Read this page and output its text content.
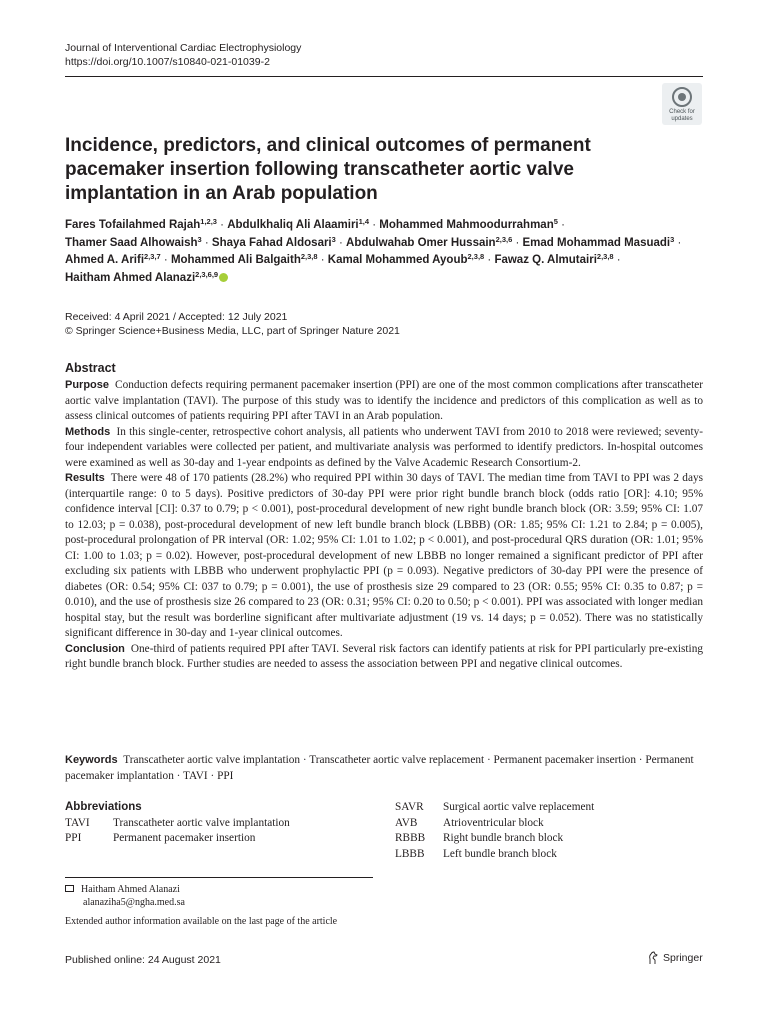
Journal of Interventional Cardiac Electrophysiology
https://doi.org/10.1007/s10840-021-01039-2
Check for
updates
Incidence, predictors, and clinical outcomes of permanent pacemaker insertion following transcatheter aortic valve implantation in an Arab population
Fares Tofailahmed Rajah$^{1,2,3}$ · Abdulkhaliq Ali Alaamiri$^{1,4}$ · Mohammed Mahmoodurrahman$^5$ ·
Thamer Saad Alhowaish$^3$ · Shaya Fahad Aldosari$^3$ · Abdulwahab Omer Hussain$^{2,3,6}$ · Emad Mohammad Masuadi$^3$ ·
Ahmed A. Arifi$^{2,3,7}$ · Mohammed Ali Balgaith$^{2,3,8}$ · Kamal Mohammed Ayoub$^{2,3,8}$ · Fawaz Q. Almutairi$^{2,3,8}$ ·
Haitham Ahmed Alanazi$^{2,3,6,9}$
Received: 4 April 2021 / Accepted: 12 July 2021
© Springer Science+Business Media, LLC, part of Springer Nature 2021
Abstract

Purpose Conduction defects requiring permanent pacemaker insertion (PPI) are one of the most common complications after transcatheter aortic valve implantation (TAVI). The purpose of this study was to identify the incidence and predictors of this complication as well as to assess clinical outcomes of patients requiring PPI after TAVI in an Arab population.

Methods In this single-center, retrospective cohort analysis, all patients who underwent TAVI from 2010 to 2018 were reviewed; seventy-four independent variables were collected per patient, and multivariate analysis was performed to identify predictors. In-hospital outcomes were examined as well as 30-day and 1-year endpoints as defined by the Valve Academic Research Consortium-2.

Results There were 48 of 170 patients (28.2%) who required PPI within 30 days of TAVI. The median time from TAVI to PPI was 2 days (interquartile range: 0 to 5 days). Positive predictors of 30-day PPI were prior right bundle branch block (odds ratio [OR]: 4.10; 95% confidence interval [CI]: 0.37 to 0.79; p < 0.001), post-procedural development of new right bundle branch block (OR: 3.59; 95% CI: 1.07 to 12.03; p = 0.038), post-procedural development of new left bundle branch block (LBBB) (OR: 1.85; 95% CI: 1.21 to 2.84; p = 0.005), post-procedural prolongation of PR interval (OR: 1.02; 95% CI: 1.01 to 1.02; p < 0.001), and post-procedural QRS duration (OR: 1.01; 95% CI: 1.00 to 1.03; p = 0.02). However, post-procedural development of new LBBB no longer remained a significant predictor of PPI after excluding six patients with LBBB who underwent prophylactic PPI (p = 0.093). Negative predictors of 30-day PPI were the presence of diabetes (OR: 0.54; 95% CI: 037 to 0.79; p = 0.001), the use of prosthesis size 29 compared to 23 (OR: 0.55; 95% CI: 0.35 to 0.87; p = 0.010), and the use of prosthesis size 26 compared to 23 (OR: 0.31; 95% CI: 0.20 to 0.50; p < 0.001). PPI was associated with longer median hospital stay, but the result was borderline significant after multivariate adjustment (19 vs. 14 days; p = 0.052). There was no statistically significant difference in 30-day and 1-year clinical outcomes.

Conclusion One-third of patients required PPI after TAVI. Several risk factors can identify patients at risk for PPI particularly pre-existing right bundle branch block. Further studies are needed to assess the association between PPI and negative clinical outcomes.

Keywords Transcatheter aortic valve implantation · Transcatheter aortic valve replacement · Permanent pacemaker insertion · Permanent pacemaker implantation · TAVI · PPI
Abbreviations
TAVI	Transcatheter aortic valve implantation
PPI	Permanent pacemaker insertion
SAVR	Surgical aortic valve replacement
AVB	Atrioventricular block
RBBB	Right bundle branch block
LBBB	Left bundle branch block
Haitham Ahmed Alanazi
alanaziha5@ngha.med.sa
Extended author information available on the last page of the article
Published online: 24 August 2021	Springer
